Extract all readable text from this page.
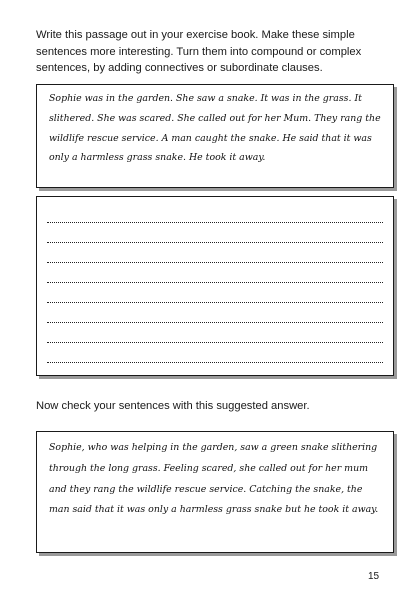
Write this passage out in your exercise book. Make these simple sentences more interesting. Turn them into compound or complex sentences, by adding connectives or subordinate clauses.

Sophie was in the garden. She saw a snake. It was in the grass. It slithered. She was scared. She called out for her Mum. They rang the wildlife rescue service. A man caught the snake. He said that it was only a harmless grass snake. He took it away.

Now check your sentences with this suggested answer.

Sophie, who was helping in the garden, saw a green snake slithering through the long grass. Feeling scared, she called out for her mum and they rang the wildlife rescue service. Catching the snake, the man said that it was only a harmless grass snake but he took it away.

15
